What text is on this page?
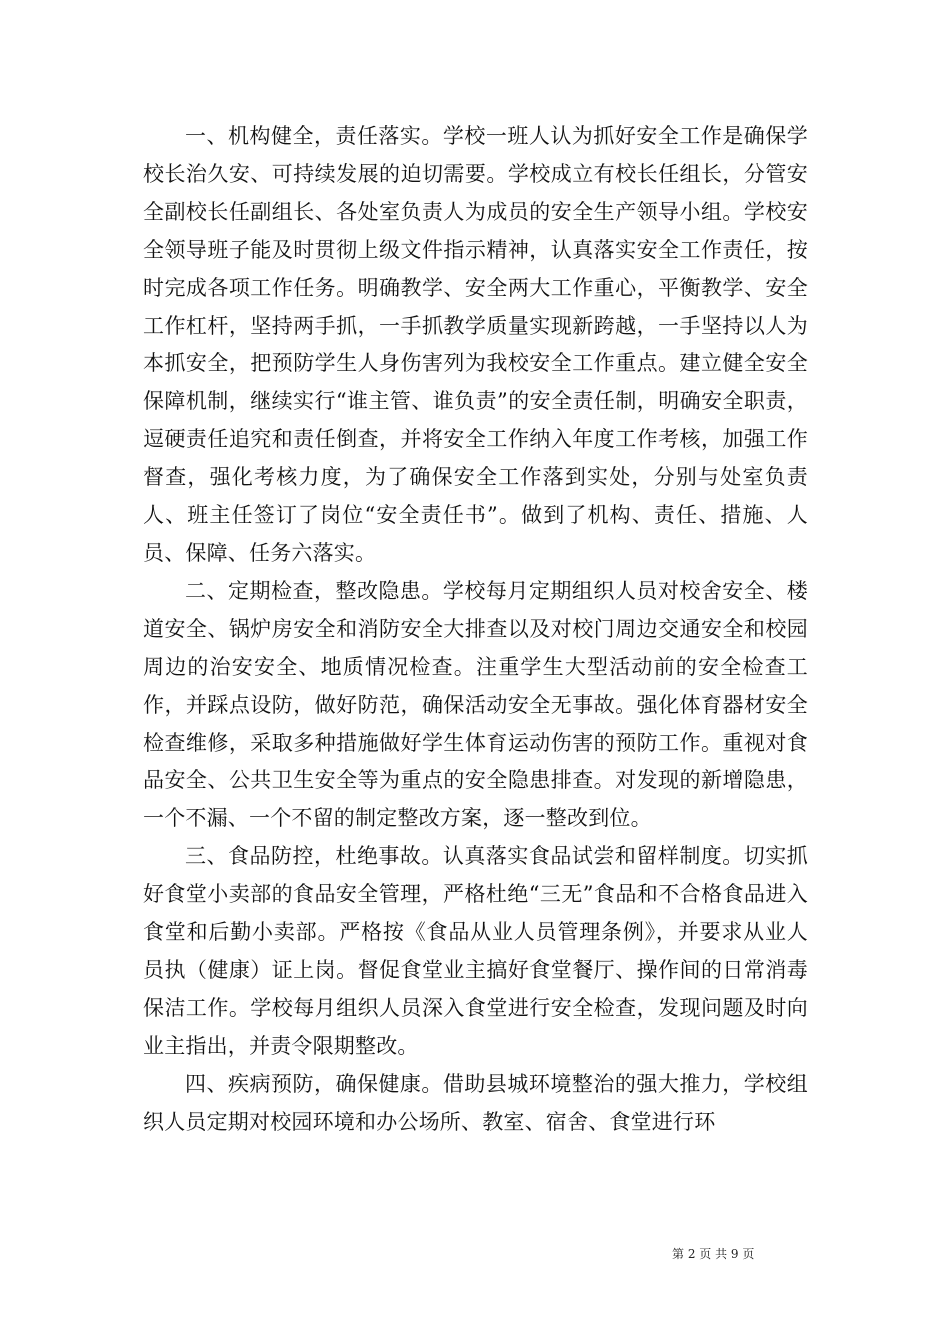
一、机构健全，责任落实。学校一班人认为抓好安全工作是确保学校长治久安、可持续发展的迫切需要。学校成立有校长任组长，分管安全副校长任副组长、各处室负责人为成员的安全生产领导小组。学校安全领导班子能及时贯彻上级文件指示精神，认真落实安全工作责任，按时完成各项工作任务。明确教学、安全两大工作重心，平衡教学、安全工作杠杆，坚持两手抓，一手抓教学质量实现新跨越，一手坚持以人为本抓安全，把预防学生人身伤害列为我校安全工作重点。建立健全安全保障机制，继续实行“谁主管、谁负责”的安全责任制，明确安全职责，逗硬责任追究和责任倒查，并将安全工作纳入年度工作考核，加强工作督查，强化考核力度，为了确保安全工作落到实处，分别与处室负责人、班主任签订了岗位“安全责任书”。做到了机构、责任、措施、人员、保障、任务六落实。

二、定期检查，整改隐患。学校每月定期组织人员对校舍安全、楼道安全、锅炉房安全和消防安全大排查以及对校门周边交通安全和校园周边的治安安全、地质情况检查。注重学生大型活动前的安全检查工作，并踩点设防，做好防范，确保活动安全无事故。强化体育器材安全检查维修，采取多种措施做好学生体育运动伤害的预防工作。重视对食品安全、公共卫生安全等为重点的安全隐患排查。对发现的新增隐患，一个不漏、一个不留的制定整改方案，逐一整改到位。

三、食品防控，杜绝事故。认真落实食品试尝和留样制度。切实抓好食堂小卖部的食品安全管理，严格杜绝“三无”食品和不合格食品进入食堂和后勤小卖部。严格按《食品从业人员管理条例》，并要求从业人员执（健康）证上岗。督促食堂业主搞好食堂餐厅、操作间的日常消毒保洁工作。学校每月组织人员深入食堂进行安全检查，发现问题及时向业主指出，并责令限期整改。

四、疾病预防，确保健康。借助县城环境整治的强大推力，学校组织人员定期对校园环境和办公场所、教室、宿舍、食堂进行环

第 2 页 共 9 页
